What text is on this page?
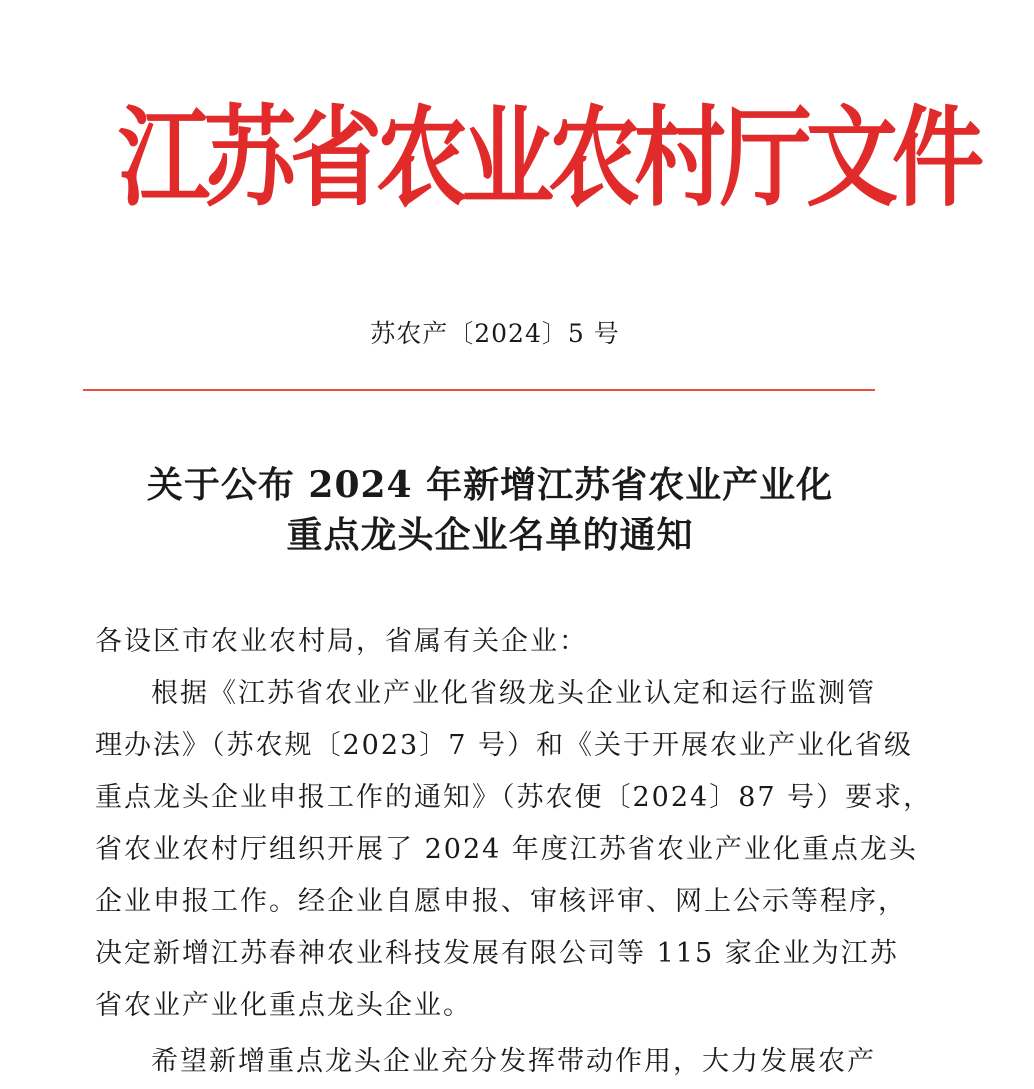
江苏省农业农村厅文件
苏农产〔2024〕5 号
关于公布 2024 年新增江苏省农业产业化
重点龙头企业名单的通知
各设区市农业农村局，省属有关企业：
根据《江苏省农业产业化省级龙头企业认定和运行监测管
理办法》（苏农规〔2023〕7 号）和《关于开展农业产业化省级
重点龙头企业申报工作的通知》（苏农便〔2024〕87 号）要求，
省农业农村厅组织开展了 2024 年度江苏省农业产业化重点龙头
企业申报工作。经企业自愿申报、审核评审、网上公示等程序，
决定新增江苏春神农业科技发展有限公司等 115 家企业为江苏
省农业产业化重点龙头企业。
希望新增重点龙头企业充分发挥带动作用，大力发展农产
